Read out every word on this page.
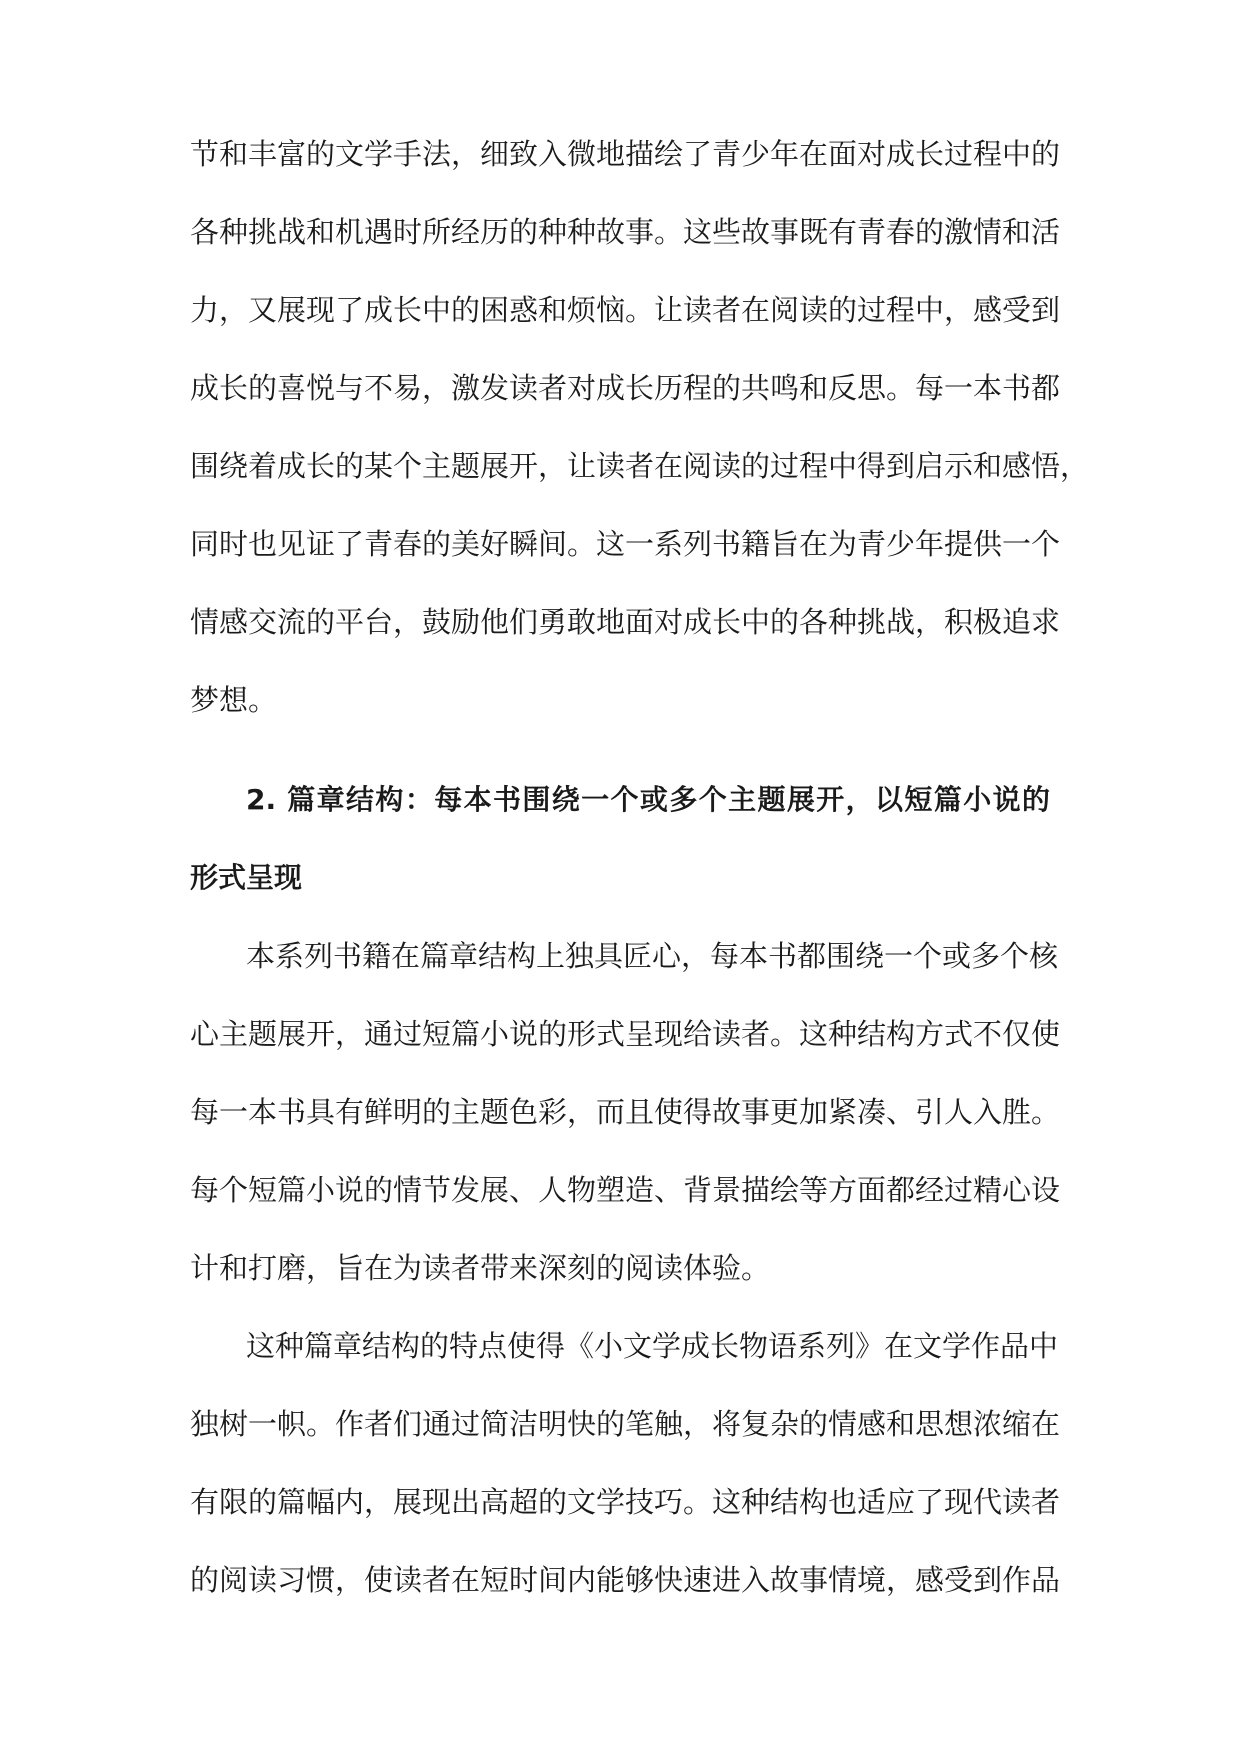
节和丰富的文学手法，细致入微地描绘了青少年在面对成长过程中的
各种挑战和机遇时所经历的种种故事。这些故事既有青春的激情和活
力，又展现了成长中的困惑和烦恼。让读者在阅读的过程中，感受到
成长的喜悦与不易，激发读者对成长历程的共鸣和反思。每一本书都
围绕着成长的某个主题展开，让读者在阅读的过程中得到启示和感悟，
同时也见证了青春的美好瞬间。这一系列书籍旨在为青少年提供一个
情感交流的平台，鼓励他们勇敢地面对成长中的各种挑战，积极追求
梦想。
2. 篇章结构：每本书围绕一个或多个主题展开，以短篇小说的
形式呈现
本系列书籍在篇章结构上独具匠心，每本书都围绕一个或多个核
心主题展开，通过短篇小说的形式呈现给读者。这种结构方式不仅使
每一本书具有鲜明的主题色彩，而且使得故事更加紧凑、引人入胜。
每个短篇小说的情节发展、人物塑造、背景描绘等方面都经过精心设
计和打磨，旨在为读者带来深刻的阅读体验。
这种篇章结构的特点使得《小文学成长物语系列》在文学作品中
独树一帜。作者们通过简洁明快的笔触，将复杂的情感和思想浓缩在
有限的篇幅内，展现出高超的文学技巧。这种结构也适应了现代读者
的阅读习惯，使读者在短时间内能够快速进入故事情境，感受到作品
